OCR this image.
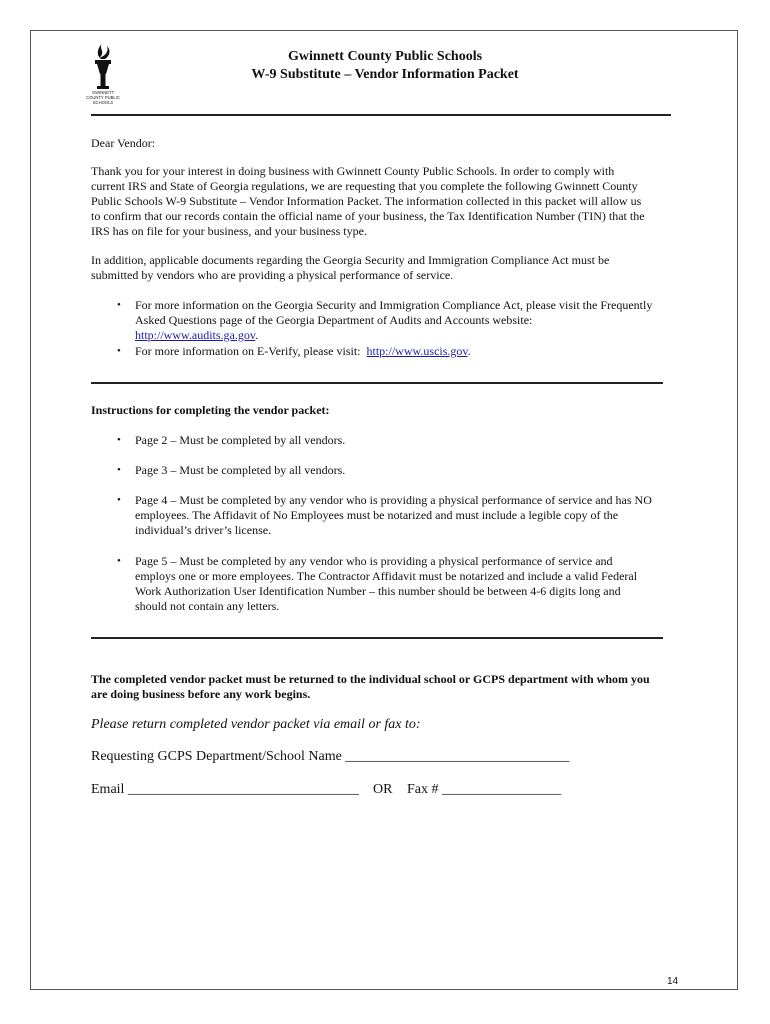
GWINNETT COUNTY PUBLIC SCHOOLS
Gwinnett County Public Schools
W-9 Substitute – Vendor Information Packet
Dear Vendor:
Thank you for your interest in doing business with Gwinnett County Public Schools. In order to comply with
current IRS and State of Georgia regulations, we are requesting that you complete the following Gwinnett County
Public Schools W-9 Substitute – Vendor Information Packet. The information collected in this packet will allow us
to confirm that our records contain the official name of your business, the Tax Identification Number (TIN) that the
IRS has on file for your business, and your business type.
In addition, applicable documents regarding the Georgia Security and Immigration Compliance Act must be
submitted by vendors who are providing a physical performance of service.
• For more information on the Georgia Security and Immigration Compliance Act, please visit the Frequently
Asked Questions page of the Georgia Department of Audits and Accounts website:
http://www.audits.ga.gov.
• For more information on E-Verify, please visit:  http://www.uscis.gov.
Instructions for completing the vendor packet:
• Page 2 – Must be completed by all vendors.
• Page 3 – Must be completed by all vendors.
• Page 4 – Must be completed by any vendor who is providing a physical performance of service and has NO
employees. The Affidavit of No Employees must be notarized and must include a legible copy of the
individual’s driver’s license.
• Page 5 – Must be completed by any vendor who is providing a physical performance of service and
employs one or more employees. The Contractor Affidavit must be notarized and include a valid Federal
Work Authorization User Identification Number – this number should be between 4-6 digits long and
should not contain any letters.
The completed vendor packet must be returned to the individual school or GCPS department with whom you
are doing business before any work begins.
Please return completed vendor packet via email or fax to:
Requesting GCPS Department/School Name ________________________________
Email _________________________________ OR	Fax # _________________
14
